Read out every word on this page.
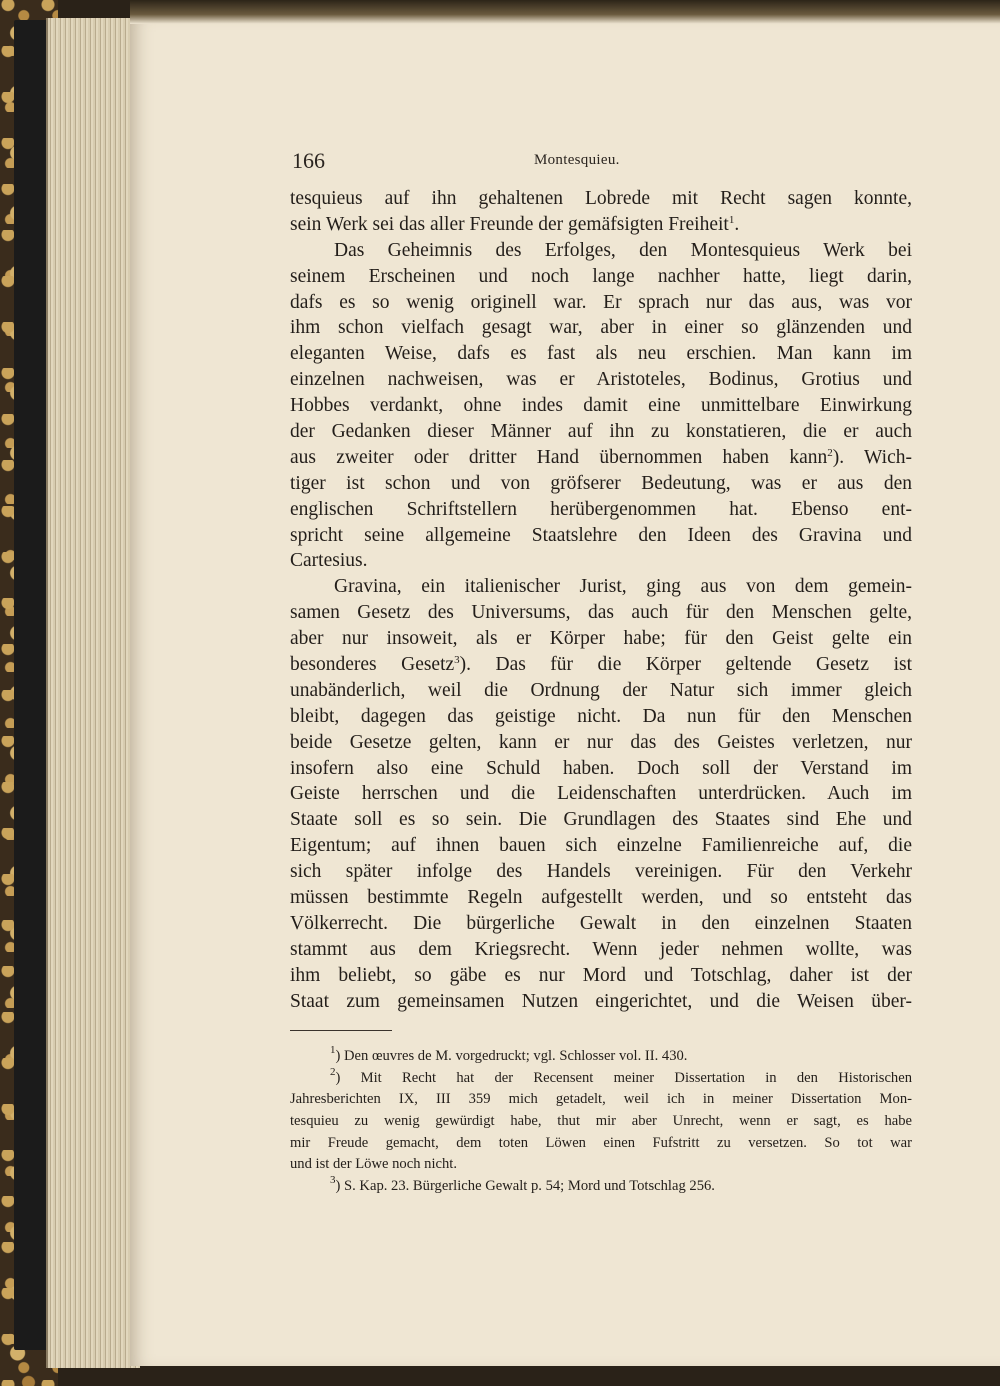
166	Montesquieu.
tesquieus auf ihn gehaltenen Lobrede mit Recht sagen konnte,
sein Werk sei das aller Freunde der gemäfsigten Freiheit$^1$.
Das Geheimnis des Erfolges, den Montesquieus Werk bei
seinem Erscheinen und noch lange nachher hatte, liegt darin,
dafs es so wenig originell war. Er sprach nur das aus, was vor
ihm schon vielfach gesagt war, aber in einer so glänzenden und
eleganten Weise, dafs es fast als neu erschien. Man kann im
einzelnen nachweisen, was er Aristoteles, Bodinus, Grotius und
Hobbes verdankt, ohne indes damit eine unmittelbare Einwirkung
der Gedanken dieser Männer auf ihn zu konstatieren, die er auch
aus zweiter oder dritter Hand übernommen haben kann$^2$). Wich-
tiger ist schon und von gröfserer Bedeutung, was er aus den
englischen Schriftstellern herübergenommen hat. Ebenso ent-
spricht seine allgemeine Staatslehre den Ideen des Gravina und
Cartesius.
Gravina, ein italienischer Jurist, ging aus von dem gemein-
samen Gesetz des Universums, das auch für den Menschen gelte,
aber nur insoweit, als er Körper habe; für den Geist gelte ein
besonderes Gesetz$^3$). Das für die Körper geltende Gesetz ist
unabänderlich, weil die Ordnung der Natur sich immer gleich
bleibt, dagegen das geistige nicht. Da nun für den Menschen
beide Gesetze gelten, kann er nur das des Geistes verletzen, nur
insofern also eine Schuld haben. Doch soll der Verstand im
Geiste herrschen und die Leidenschaften unterdrücken. Auch im
Staate soll es so sein. Die Grundlagen des Staates sind Ehe und
Eigentum; auf ihnen bauen sich einzelne Familienreiche auf, die
sich später infolge des Handels vereinigen. Für den Verkehr
müssen bestimmte Regeln aufgestellt werden, und so entsteht das
Völkerrecht. Die bürgerliche Gewalt in den einzelnen Staaten
stammt aus dem Kriegsrecht. Wenn jeder nehmen wollte, was
ihm beliebt, so gäbe es nur Mord und Totschlag, daher ist der
Staat zum gemeinsamen Nutzen eingerichtet, und die Weisen über-
$^1$) Den œuvres de M. vorgedruckt; vgl. Schlosser vol. II. 430.
$^2$) Mit Recht hat der Recensent meiner Dissertation in den Historischen
Jahresberichten IX, III 359 mich getadelt, weil ich in meiner Dissertation Mon-
tesquieu zu wenig gewürdigt habe, thut mir aber Unrecht, wenn er sagt, es habe
mir Freude gemacht, dem toten Löwen einen Fufstritt zu versetzen. So tot war
und ist der Löwe noch nicht.
$^3$) S. Kap. 23. Bürgerliche Gewalt p. 54; Mord und Totschlag 256.
